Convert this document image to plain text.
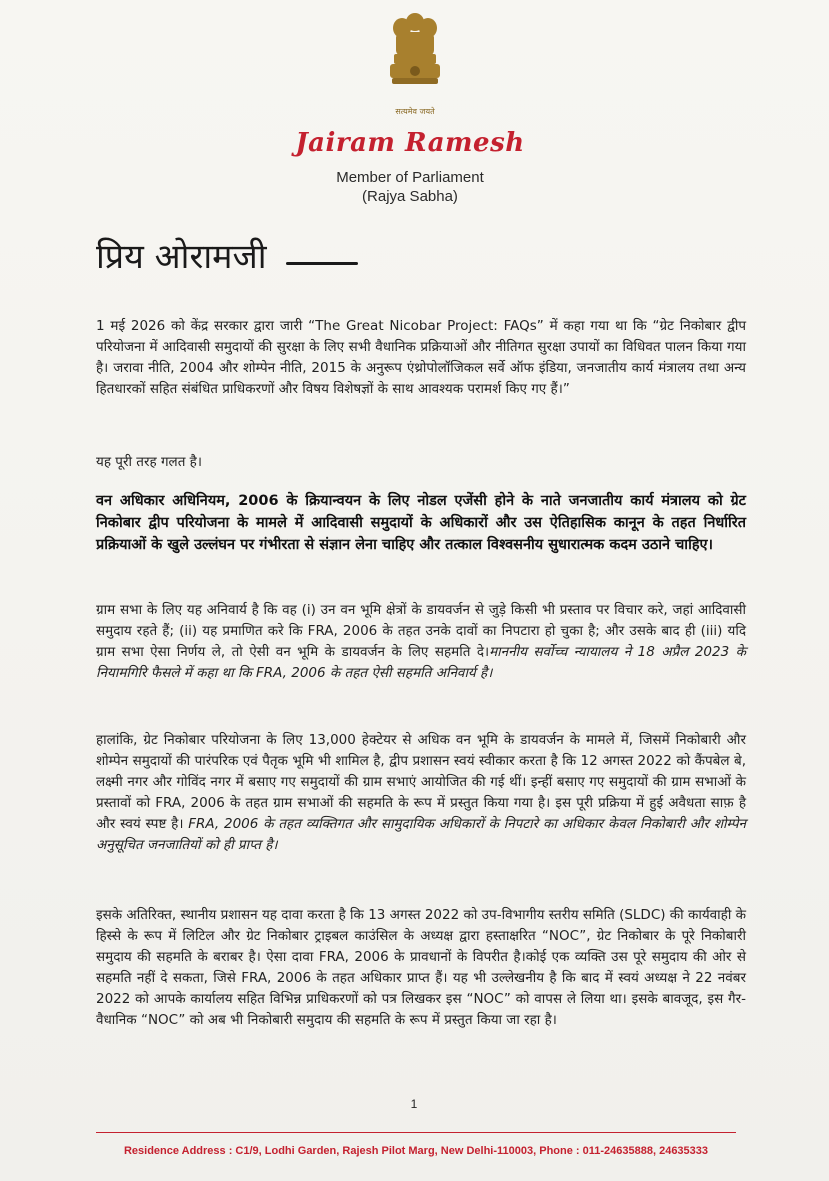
सत्यमेव जयते
Jairam Ramesh
Member of Parliament
(Rajya Sabha)
प्रिय ओरामजी
1 मई 2026 को केंद्र सरकार द्वारा जारी “The Great Nicobar Project: FAQs” में कहा गया था कि “ग्रेट निकोबार द्वीप परियोजना में आदिवासी समुदायों की सुरक्षा के लिए सभी वैधानिक प्रक्रियाओं और नीतिगत सुरक्षा उपायों का विधिवत पालन किया गया है। जरावा नीति, 2004 और शोम्पेन नीति, 2015 के अनुरूप एंथ्रोपोलॉजिकल सर्वे ऑफ इंडिया, जनजातीय कार्य मंत्रालय तथा अन्य हितधारकों सहित संबंधित प्राधिकरणों और विषय विशेषज्ञों के साथ आवश्यक परामर्श किए गए हैं।”
यह पूरी तरह गलत है।
वन अधिकार अधिनियम, 2006 के क्रियान्वयन के लिए नोडल एजेंसी होने के नाते जनजातीय कार्य मंत्रालय को ग्रेट निकोबार द्वीप परियोजना के मामले में आदिवासी समुदायों के अधिकारों और उस ऐतिहासिक कानून के तहत निर्धारित प्रक्रियाओं के खुले उल्लंघन पर गंभीरता से संज्ञान लेना चाहिए और तत्काल विश्वसनीय सुधारात्मक कदम उठाने चाहिए।
ग्राम सभा के लिए यह अनिवार्य है कि वह (i) उन वन भूमि क्षेत्रों के डायवर्जन से जुड़े किसी भी प्रस्ताव पर विचार करे, जहां आदिवासी समुदाय रहते हैं; (ii) यह प्रमाणित करे कि FRA, 2006 के तहत उनके दावों का निपटारा हो चुका है; और उसके बाद ही (iii) यदि ग्राम सभा ऐसा निर्णय ले, तो ऐसी वन भूमि के डायवर्जन के लिए सहमति दे।माननीय सर्वोच्च न्यायालय ने 18 अप्रैल 2023 के नियामगिरि फैसले में कहा था कि FRA, 2006 के तहत ऐसी सहमति अनिवार्य है।
हालांकि, ग्रेट निकोबार परियोजना के लिए 13,000 हेक्टेयर से अधिक वन भूमि के डायवर्जन के मामले में, जिसमें निकोबारी और शोम्पेन समुदायों की पारंपरिक एवं पैतृक भूमि भी शामिल है, द्वीप प्रशासन स्वयं स्वीकार करता है कि 12 अगस्त 2022 को कैंपबेल बे, लक्ष्मी नगर और गोविंद नगर में बसाए गए समुदायों की ग्राम सभाएं आयोजित की गई थीं। इन्हीं बसाए गए समुदायों की ग्राम सभाओं के प्रस्तावों को FRA, 2006 के तहत ग्राम सभाओं की सहमति के रूप में प्रस्तुत किया गया है। इस पूरी प्रक्रिया में हुई अवैधता साफ़ है और स्वयं स्पष्ट है। FRA, 2006 के तहत व्यक्तिगत और सामुदायिक अधिकारों के निपटारे का अधिकार केवल निकोबारी और शोम्पेन अनुसूचित जनजातियों को ही प्राप्त है।
इसके अतिरिक्त, स्थानीय प्रशासन यह दावा करता है कि 13 अगस्त 2022 को उप-विभागीय स्तरीय समिति (SLDC) की कार्यवाही के हिस्से के रूप में लिटिल और ग्रेट निकोबार ट्राइबल काउंसिल के अध्यक्ष द्वारा हस्ताक्षरित “NOC”, ग्रेट निकोबार के पूरे निकोबारी समुदाय की सहमति के बराबर है। ऐसा दावा FRA, 2006 के प्रावधानों के विपरीत है।कोई एक व्यक्ति उस पूरे समुदाय की ओर से सहमति नहीं दे सकता, जिसे FRA, 2006 के तहत अधिकार प्राप्त हैं। यह भी उल्लेखनीय है कि बाद में स्वयं अध्यक्ष ने 22 नवंबर 2022 को आपके कार्यालय सहित विभिन्न प्राधिकरणों को पत्र लिखकर इस “NOC” को वापस ले लिया था। इसके बावजूद, इस गैर-वैधानिक “NOC” को अब भी निकोबारी समुदाय की सहमति के रूप में प्रस्तुत किया जा रहा है।
1
Residence Address : C1/9, Lodhi Garden, Rajesh Pilot Marg, New Delhi-110003, Phone : 011-24635888, 24635333
